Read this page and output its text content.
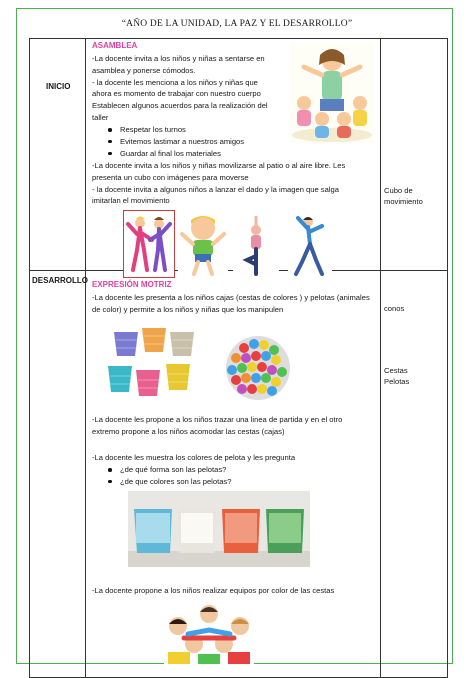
“AÑO DE LA UNIDAD, LA PAZ Y EL DESARROLLO”
INICIO
DESARROLLO
ASAMBLEA
-La docente invita a los niños y niñas a sentarse en
asamblea y ponerse cómodos.
- la docente les menciona a los niños y niñas que
ahora es momento de trabajar con nuestro cuerpo
Establecen algunos acuerdos para la realización del
taller
Respetar los turnos
Evitemos lastimar a nuestros amigos
Guardar al final los materiales
-La docente invita a los niños y niñas movilizarse al patio o al aire libre. Les
presenta un cubo con imágenes para moverse
- la docente invita a algunos niños a lanzar el dado y la imagen que salga
imitarlan el movimiento
Cubo de
movimiento
EXPRESIÓN MOTRIZ
-La docente les presenta a los niños cajas (cestas de colores ) y pelotas (animales
de color) y permite a los niños y niñas que los manipulen
-La docente les propone a los niños trazar una linea de partida y en el otro
extremo propone a los niños acomodar las cestas (cajas)
-La docente les muestra los colores de pelota y les pregunta
¿de qué forma son las pelotas?
¿de que colores son las pelotas?
-La docente propone a los niños realizar equipos por color de las cestas
conos
Cestas
Pelotas
